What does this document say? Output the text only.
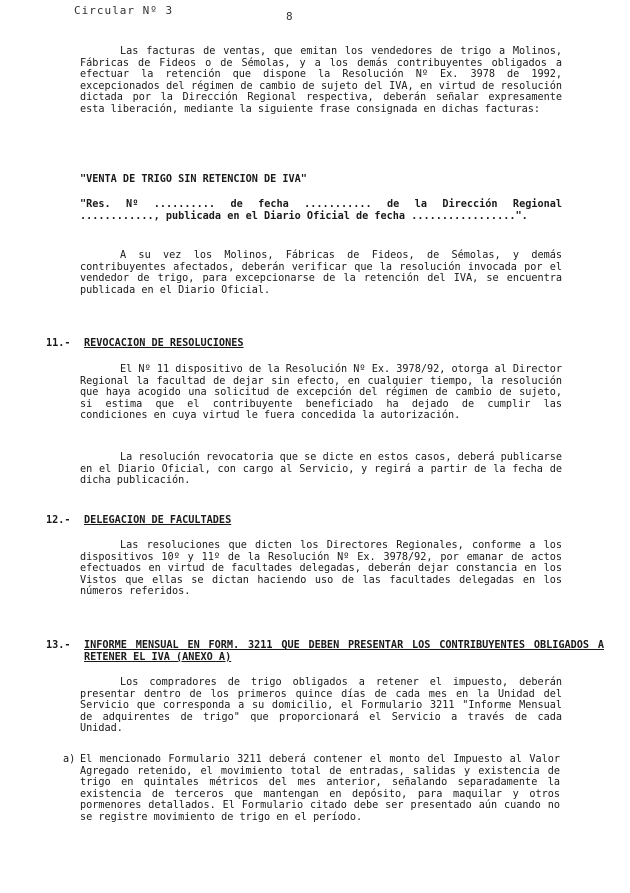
Circular Nº 3	8

Las facturas de ventas, que emitan los vendedores de trigo a Molinos, Fábricas de Fideos o de Sémolas, y a los demás contribuyentes obligados a efectuar la retención que dispone la Resolución Nº Ex. 3978 de 1992, excepcionados del régimen de cambio de sujeto del IVA, en virtud de resolución dictada por la Dirección Regional respectiva, deberán señalar expresamente esta liberación, mediante la siguiente frase consignada en dichas facturas:

"VENTA DE TRIGO SIN RETENCION DE IVA"

"Res. Nº .......... de fecha ........... de la Dirección Regional ............, publicada en el Diario Oficial de fecha .................".

A su vez los Molinos, Fábricas de Fideos, de Sémolas, y demás contribuyentes afectados, deberán verificar que la resolución invocada por el vendedor de trigo, para excepcionarse de la retención del IVA, se encuentra publicada en el Diario Oficial.

11.- REVOCACION DE RESOLUCIONES

El Nº 11 dispositivo de la Resolución Nº Ex. 3978/92, otorga al Director Regional la facultad de dejar sin efecto, en cualquier tiempo, la resolución que haya acogido una solicitud de excepción del régimen de cambio de sujeto, si estima que el contribuyente beneficiado ha dejado de cumplir las condiciones en cuya virtud le fuera concedida la autorización.

La resolución revocatoria que se dicte en estos casos, deberá publicarse en el Diario Oficial, con cargo al Servicio, y regirá a partir de la fecha de dicha publicación.

12.- DELEGACION DE FACULTADES

Las resoluciones que dicten los Directores Regionales, conforme a los dispositivos 10º y 11º de la Resolución Nº Ex. 3978/92, por emanar de actos efectuados en virtud de facultades delegadas, deberán dejar constancia en los Vistos que ellas se dictan haciendo uso de las facultades delegadas en los números referidos.

13.- INFORME MENSUAL EN FORM. 3211 QUE DEBEN PRESENTAR LOS CONTRIBUYENTES OBLIGADOS A RETENER EL IVA (ANEXO A)

Los compradores de trigo obligados a retener el impuesto, deberán presentar dentro de los primeros quince días de cada mes en la Unidad del Servicio que corresponda a su domicilio, el Formulario 3211 "Informe Mensual de adquirentes de trigo" que proporcionará el Servicio a través de cada Unidad.

a) El mencionado Formulario 3211 deberá contener el monto del Impuesto al Valor Agregado retenido, el movimiento total de entradas, salidas y existencia de trigo en quintales métricos del mes anterior, señalando separadamente la existencia de terceros que mantengan en depósito, para maquilar y otros pormenores detallados. El Formulario citado debe ser presentado aún cuando no se registre movimiento de trigo en el período.
